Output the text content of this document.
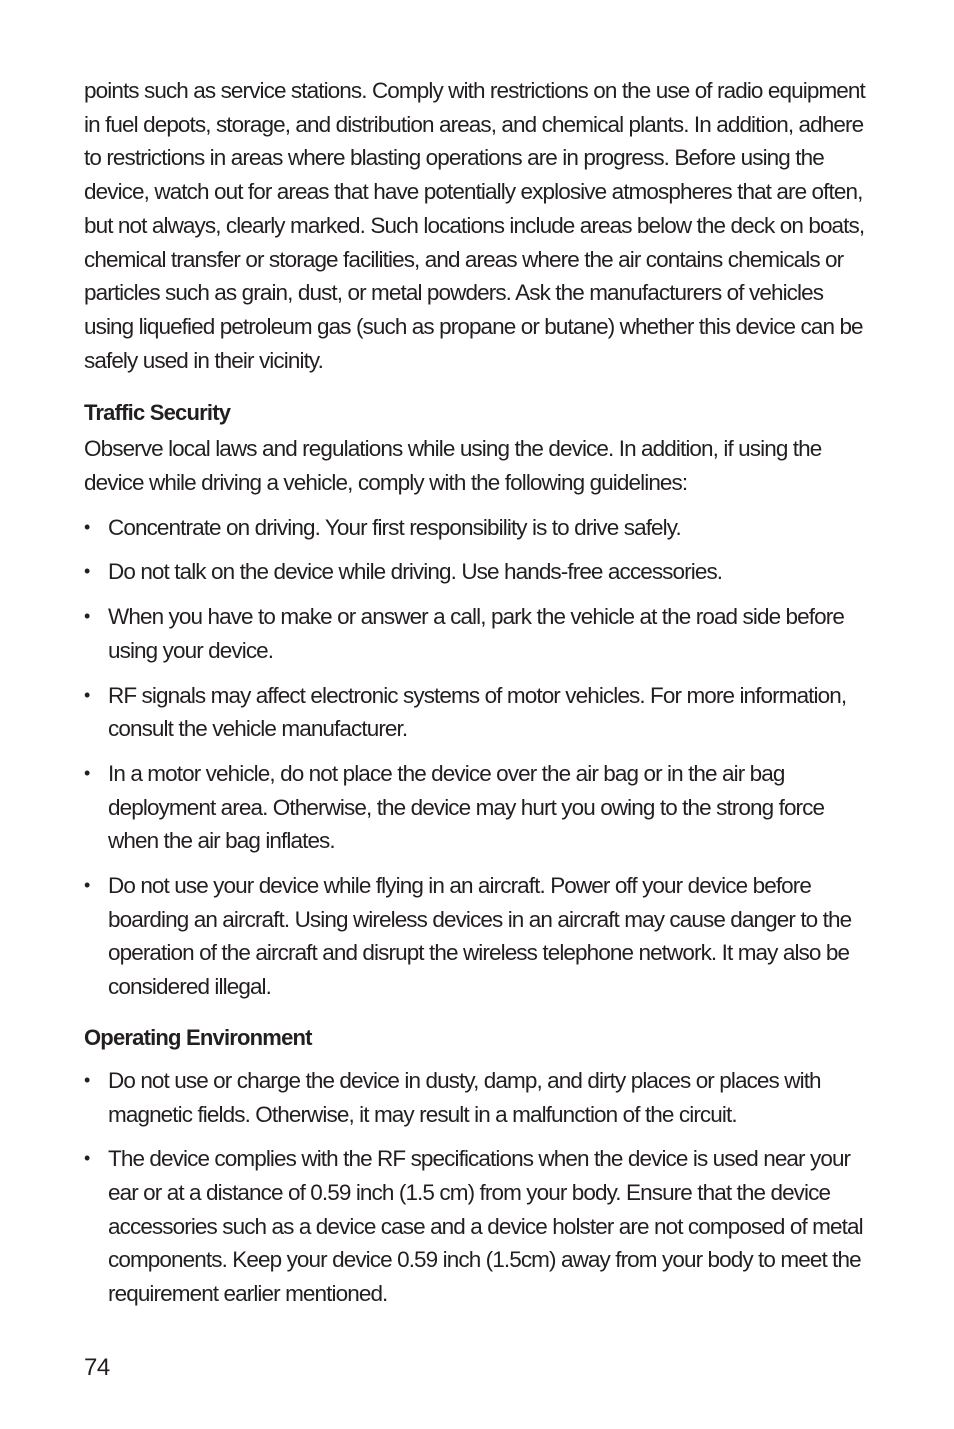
points such as service stations. Comply with restrictions on the use of radio equipment in fuel depots, storage, and distribution areas, and chemical plants. In addition, adhere to restrictions in areas where blasting operations are in progress. Before using the device, watch out for areas that have potentially explosive atmospheres that are often, but not always, clearly marked. Such locations include areas below the deck on boats, chemical transfer or storage facilities, and areas where the air contains chemicals or particles such as grain, dust, or metal powders. Ask the manufacturers of vehicles using liquefied petroleum gas (such as propane or butane) whether this device can be safely used in their vicinity.

Traffic Security

Observe local laws and regulations while using the device. In addition, if using the device while driving a vehicle, comply with the following guidelines:

• Concentrate on driving. Your first responsibility is to drive safely.
• Do not talk on the device while driving. Use hands-free accessories.
• When you have to make or answer a call, park the vehicle at the road side before using your device.
• RF signals may affect electronic systems of motor vehicles. For more information, consult the vehicle manufacturer.
• In a motor vehicle, do not place the device over the air bag or in the air bag deployment area. Otherwise, the device may hurt you owing to the strong force when the air bag inflates.
• Do not use your device while flying in an aircraft. Power off your device before boarding an aircraft. Using wireless devices in an aircraft may cause danger to the operation of the aircraft and disrupt the wireless telephone network. It may also be considered illegal.
Operating Environment
• Do not use or charge the device in dusty, damp, and dirty places or places with magnetic fields. Otherwise, it may result in a malfunction of the circuit.
• The device complies with the RF specifications when the device is used near your ear or at a distance of 0.59 inch (1.5 cm) from your body. Ensure that the device accessories such as a device case and a device holster are not composed of metal components. Keep your device 0.59 inch (1.5cm) away from your body to meet the requirement earlier mentioned.
74
